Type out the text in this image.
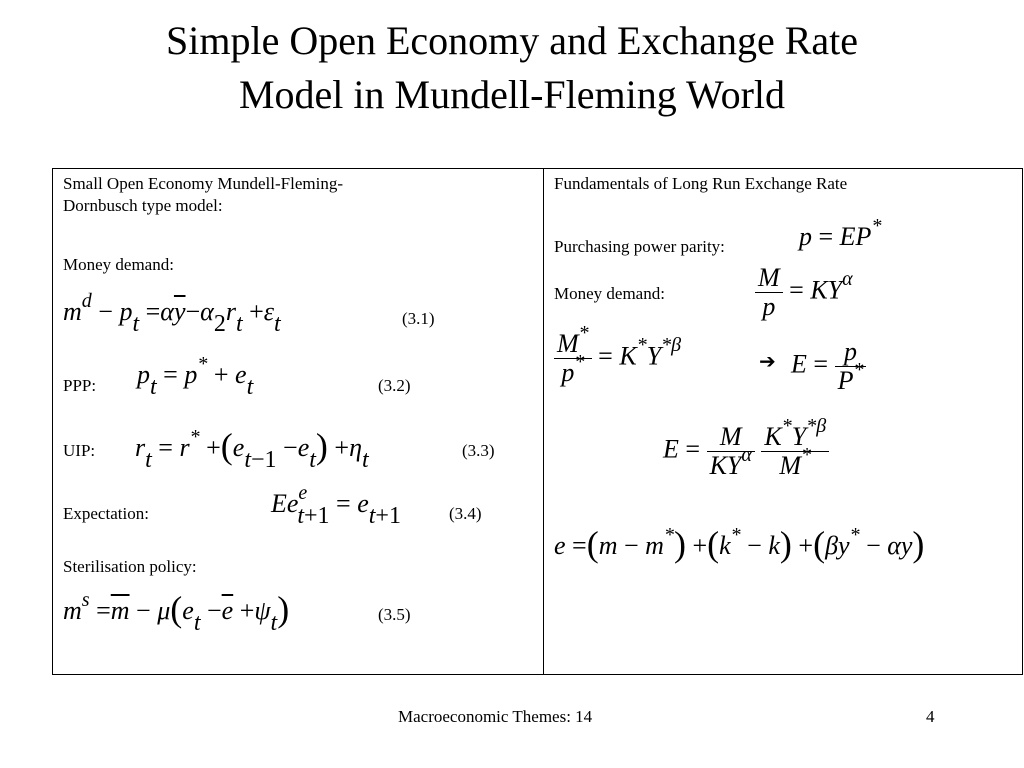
Simple Open Economy and Exchange Rate
Model in Mundell-Fleming World
Small Open Economy Mundell-Fleming-
Dornbusch type model:
Money demand:
$m^d$ − pt $=\alpha\overline{y}-\alpha 2rt +\varepsilon t$	(3.1)
PPP: pt = p* + et	(3.2)
UIP: rt = r* +(et−1 −et) +ηt	(3.3)
Expectation:	$Ee^et+1 = et+1$	(3.4)
Sterilisation policy:
$m^s =\overline{m} - \mu(et -\overline{e} +\psi t)$	(3.5)
Fundamentals of Long Run Exchange Rate
Purchasing power parity:	p = EP*
Money demand:	$\frac{M}{p} = KY^\alpha$
$\frac{M^*}{p^*} = K^*Y^{*\beta}$
➔ $E = \frac{p}{P^*}$
$E = \frac{M}{KY^\alpha}$
$\frac{K^*Y^{*\beta}}{M^*}$
e =(m − m*) +(k* − k) +(βy* − αy)
Macroeconomic Themes: 14	4
